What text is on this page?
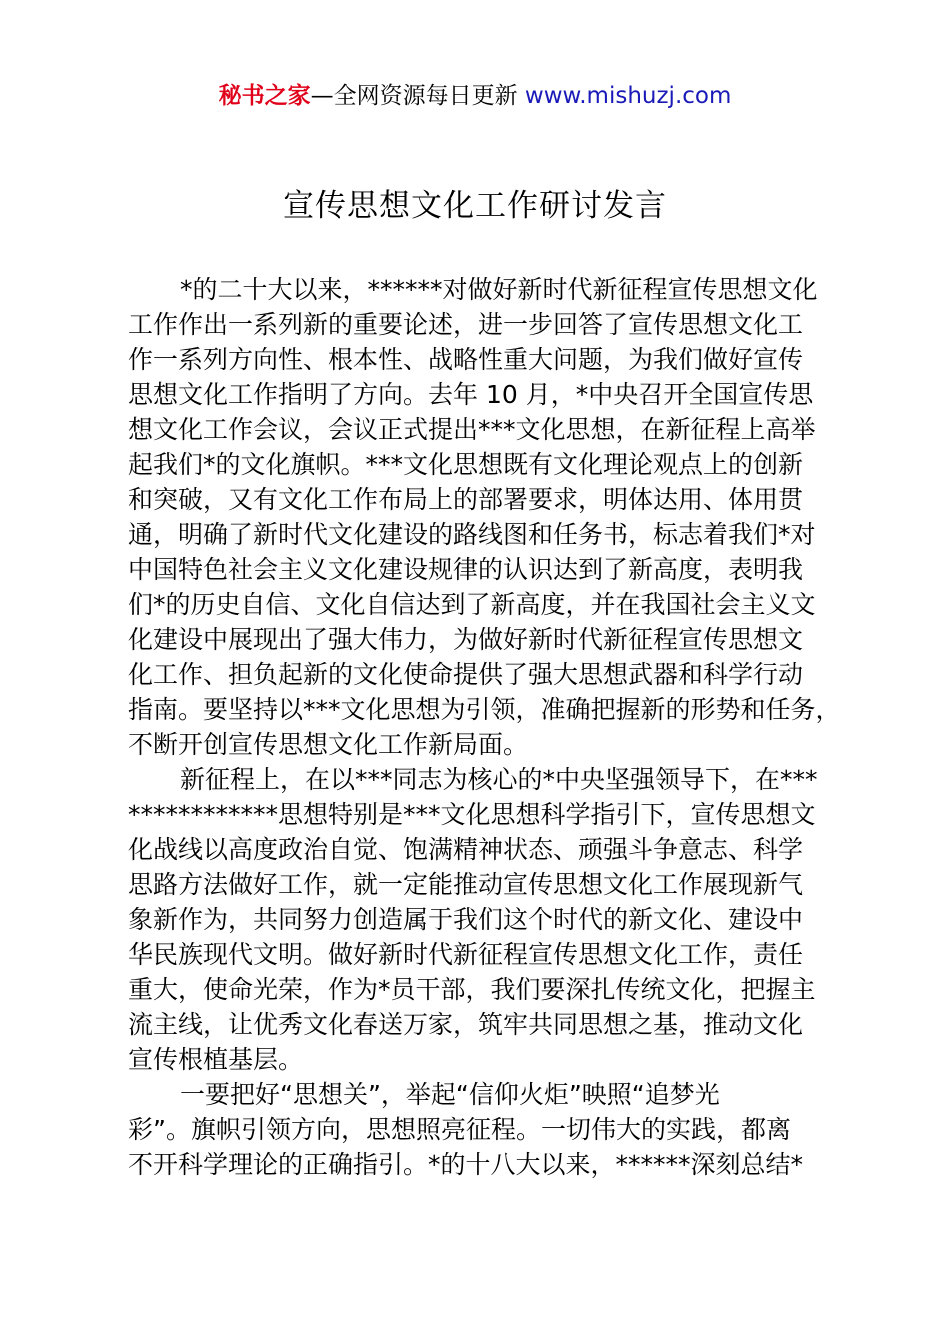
秘书之家—全网资源每日更新 www.mishuzj.com
宣传思想文化工作研讨发言

*的二十大以来，******对做好新时代新征程宣传思想文化
工作作出一系列新的重要论述，进一步回答了宣传思想文化工
作一系列方向性、根本性、战略性重大问题，为我们做好宣传
思想文化工作指明了方向。去年 10 月，*中央召开全国宣传思
想文化工作会议，会议正式提出***文化思想，在新征程上高举
起我们*的文化旗帜。***文化思想既有文化理论观点上的创新
和突破，又有文化工作布局上的部署要求，明体达用、体用贯
通，明确了新时代文化建设的路线图和任务书，标志着我们*对
中国特色社会主义文化建设规律的认识达到了新高度，表明我
们*的历史自信、文化自信达到了新高度，并在我国社会主义文
化建设中展现出了强大伟力，为做好新时代新征程宣传思想文
化工作、担负起新的文化使命提供了强大思想武器和科学行动
指南。要坚持以***文化思想为引领，准确把握新的形势和任务，
不断开创宣传思想文化工作新局面。

新征程上，在以***同志为核心的*中央坚强领导下，在***
************思想特别是***文化思想科学指引下，宣传思想文
化战线以高度政治自觉、饱满精神状态、顽强斗争意志、科学
思路方法做好工作，就一定能推动宣传思想文化工作展现新气
象新作为，共同努力创造属于我们这个时代的新文化、建设中
华民族现代文明。做好新时代新征程宣传思想文化工作，责任
重大，使命光荣，作为*员干部，我们要深扎传统文化，把握主
流主线，让优秀文化春送万家，筑牢共同思想之基，推动文化
宣传根植基层。

一要把好“思想关”，举起“信仰火炬”映照“追梦光
彩”。旗帜引领方向，思想照亮征程。一切伟大的实践，都离
不开科学理论的正确指引。*的十八大以来，******深刻总结*
